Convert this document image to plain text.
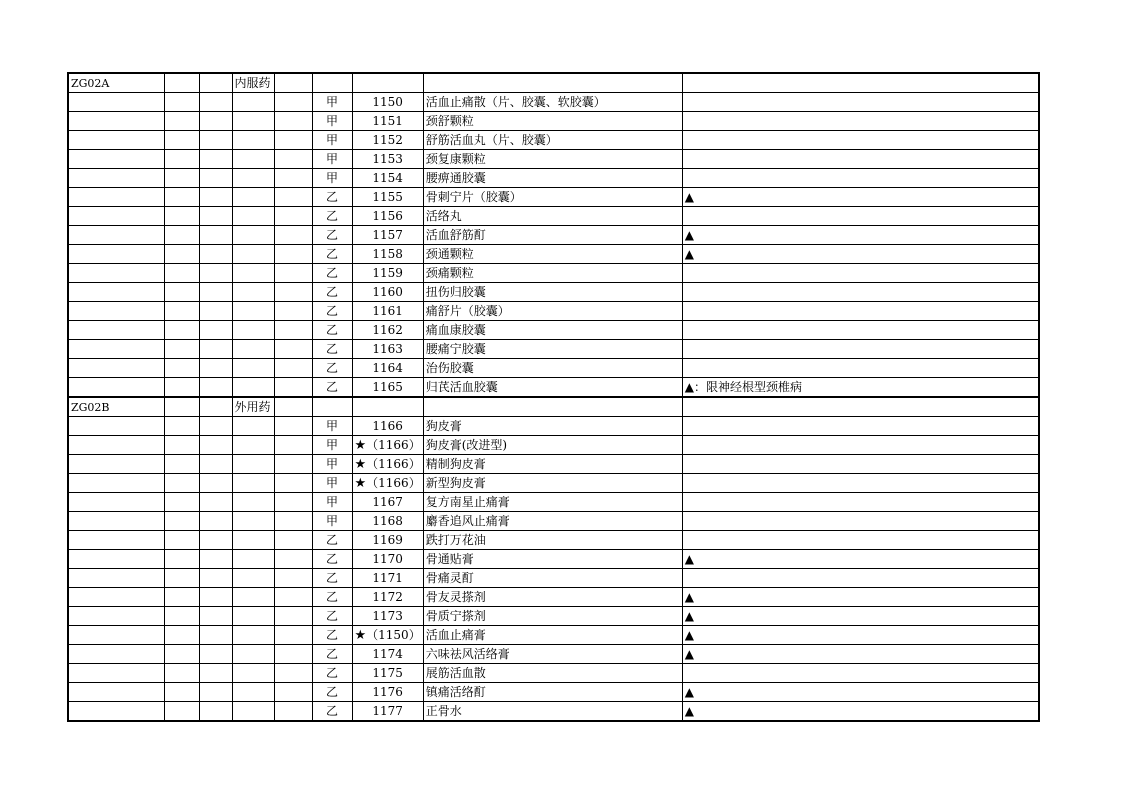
ZG02A			内服药					
					甲	1150	活血止痛散（片、胶囊、软胶囊）	
					甲	1151	颈舒颗粒	
					甲	1152	舒筋活血丸（片、胶囊）	
					甲	1153	颈复康颗粒	
					甲	1154	腰痹通胶囊	
					乙	1155	骨刺宁片（胶囊）	▲
					乙	1156	活络丸	
					乙	1157	活血舒筋酊	▲
					乙	1158	颈通颗粒	▲
					乙	1159	颈痛颗粒	
					乙	1160	扭伤归胶囊	
					乙	1161	痛舒片（胶囊）	
					乙	1162	痛血康胶囊	
					乙	1163	腰痛宁胶囊	
					乙	1164	治伤胶囊	
					乙	1165	归芪活血胶囊	▲：限神经根型颈椎病
ZG02B			外用药					
					甲	1166	狗皮膏	
					甲	★（1166）	狗皮膏(改进型)	
					甲	★（1166）	精制狗皮膏	
					甲	★（1166）	新型狗皮膏	
					甲	1167	复方南星止痛膏	
					甲	1168	麝香追风止痛膏	
					乙	1169	跌打万花油	
					乙	1170	骨通贴膏	▲
					乙	1171	骨痛灵酊	
					乙	1172	骨友灵搽剂	▲
					乙	1173	骨质宁搽剂	▲
					乙	★（1150）	活血止痛膏	▲
					乙	1174	六味祛风活络膏	▲
					乙	1175	展筋活血散	
					乙	1176	镇痛活络酊	▲
					乙	1177	正骨水	▲
